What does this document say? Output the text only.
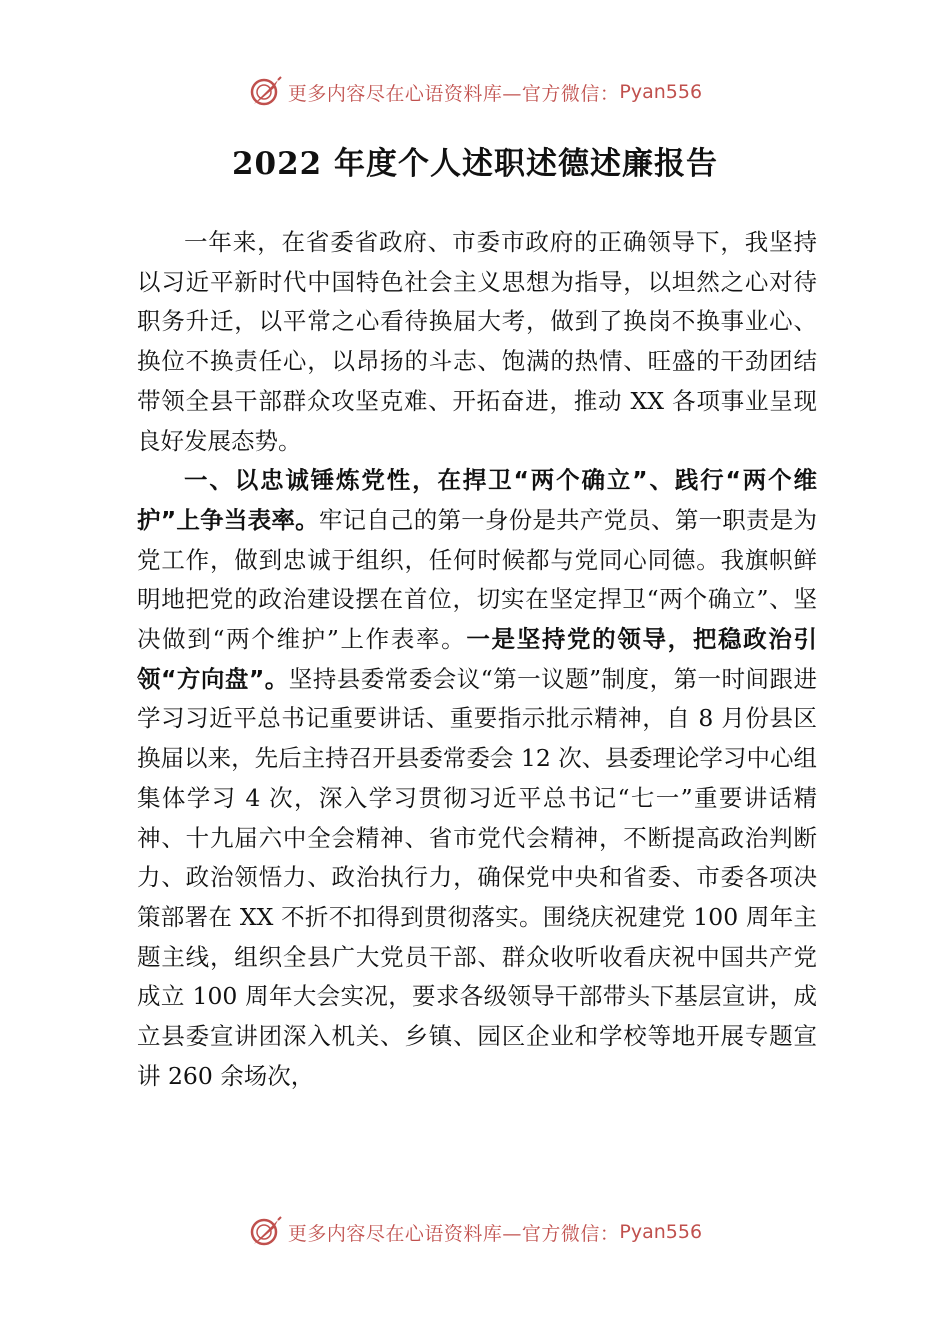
更多内容尽在心语资料库—官方微信： Pyan556
2022 年度个人述职述德述廉报告

一年来，在省委省政府、市委市政府的正确领导下，我坚持以习近平新时代中国特色社会主义思想为指导，以坦然之心对待职务升迁，以平常之心看待换届大考，做到了换岗不换事业心、换位不换责任心，以昂扬的斗志、饱满的热情、旺盛的干劲团结带领全县干部群众攻坚克难、开拓奋进，推动 XX 各项事业呈现良好发展态势。

一、以忠诚锤炼党性，在捍卫“两个确立”、践行“两个维护”上争当表率。牢记自己的第一身份是共产党员、第一职责是为党工作，做到忠诚于组织，任何时候都与党同心同德。我旗帜鲜明地把党的政治建设摆在首位，切实在坚定捍卫“两个确立”、坚决做到“两个维护”上作表率。一是坚持党的领导，把稳政治引领“方向盘”。坚持县委常委会议“第一议题”制度，第一时间跟进学习习近平总书记重要讲话、重要指示批示精神，自 8 月份县区换届以来，先后主持召开县委常委会 12 次、县委理论学习中心组集体学习 4 次，深入学习贯彻习近平总书记“七一”重要讲话精神、十九届六中全会精神、省市党代会精神，不断提高政治判断力、政治领悟力、政治执行力，确保党中央和省委、市委各项决策部署在 XX 不折不扣得到贯彻落实。围绕庆祝建党 100 周年主题主线，组织全县广大党员干部、群众收听收看庆祝中国共产党成立 100 周年大会实况，要求各级领导干部带头下基层宣讲，成立县委宣讲团深入机关、乡镇、园区企业和学校等地开展专题宣讲 260 余场次，

更多内容尽在心语资料库—官方微信： Pyan556
